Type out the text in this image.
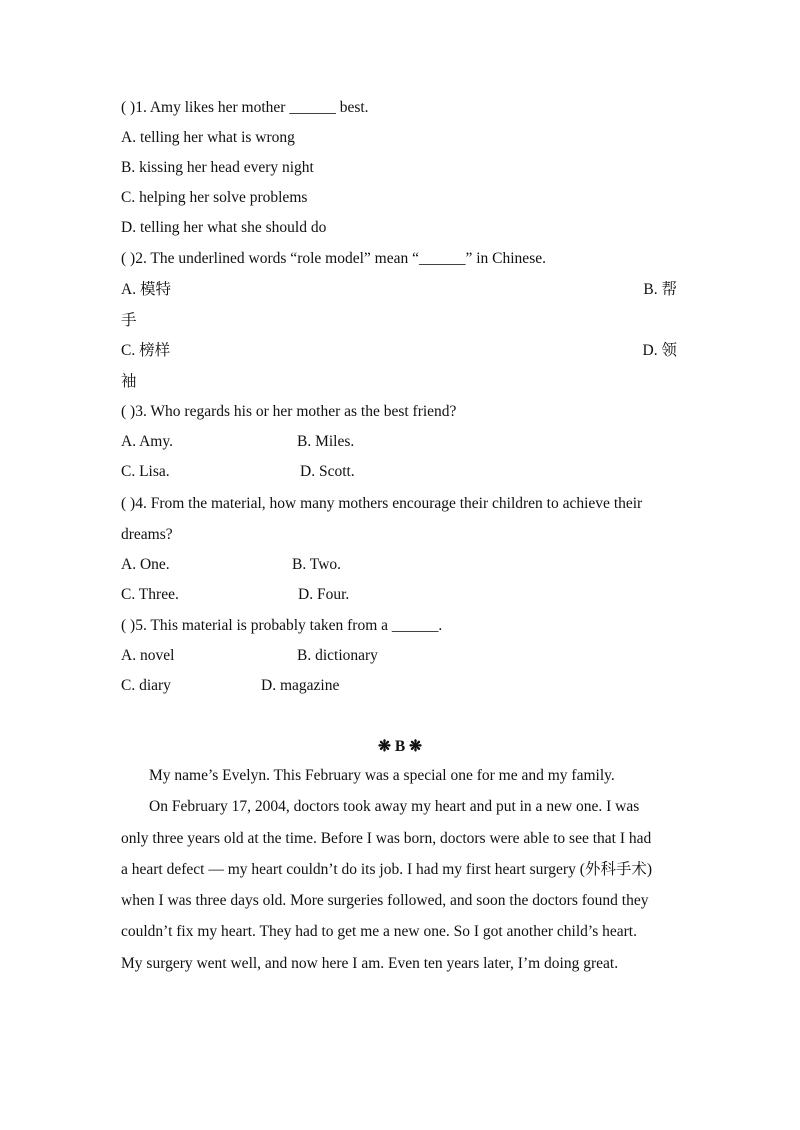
( )1. Amy likes her mother ______ best.
A. telling her what is wrong
B. kissing her head every night
C. helping her solve problems
D. telling her what she should do
( )2. The underlined words “role model” mean “______” in Chinese.
A. 模特	B. 帮
手
C. 榜样	D. 领
袖
( )3. Who regards his or her mother as the best friend?
A. Amy.	B. Miles.
C. Lisa.	D. Scott.
( )4. From the material, how many mothers encourage their children to achieve their
dreams?
A. One.	B. Two.
C. Three.	D. Four.
( )5. This material is probably taken from a ______.
A. novel	B. dictionary
C. diary	D. magazine
❋ B ❋
My name’s Evelyn. This February was a special one for me and my family.
On February 17, 2004, doctors took away my heart and put in a new one. I was
only three years old at the time. Before I was born, doctors were able to see that I had
a heart defect — my heart couldn’t do its job. I had my first heart surgery (外科手术)
when I was three days old. More surgeries followed, and soon the doctors found they
couldn’t fix my heart. They had to get me a new one. So I got another child’s heart.
My surgery went well, and now here I am. Even ten years later, I’m doing great.
